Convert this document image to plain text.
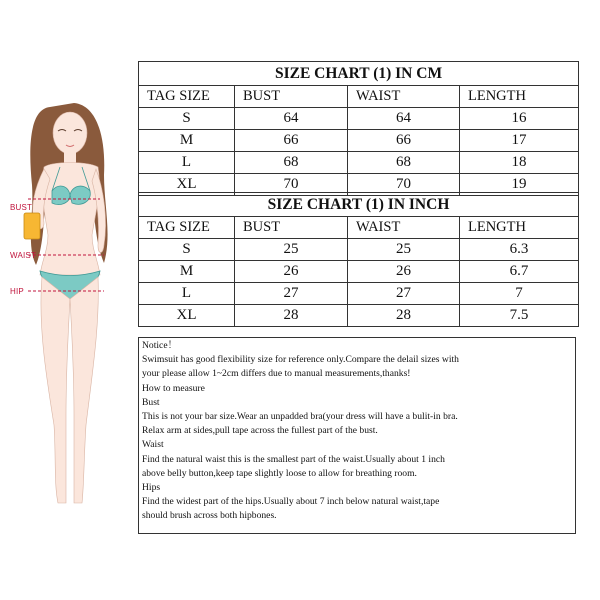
BUST
WAIST
HIP
SIZE CHART (1) IN CM			
TAG SIZE	BUST	WAIST	LENGTH
S	64	64	16
M	66	66	17
L	68	68	18
XL	70	70	19
SIZE CHART (1) IN INCH			
TAG SIZE	BUST	WAIST	LENGTH
S	25	25	6.3
M	26	26	6.7
L	27	27	7
XL	28	28	7.5
Notice！
Swimsuit has good flexibility size for reference only.Compare the delail sizes with
your please allow 1~2cm differs due to manual measurements,thanks!
How to measure
Bust
This is not your bar size.Wear an unpadded bra(your dress will have a bulit-in bra.
Relax arm at sides,pull tape across the fullest part of the bust.
Waist
Find the natural waist this is the smallest part of the waist.Usually about 1 inch
above belly button,keep tape slightly loose to allow for breathing room.
Hips
Find the widest part of the hips.Usually about 7 inch below natural waist,tape
should brush across both hipbones.
